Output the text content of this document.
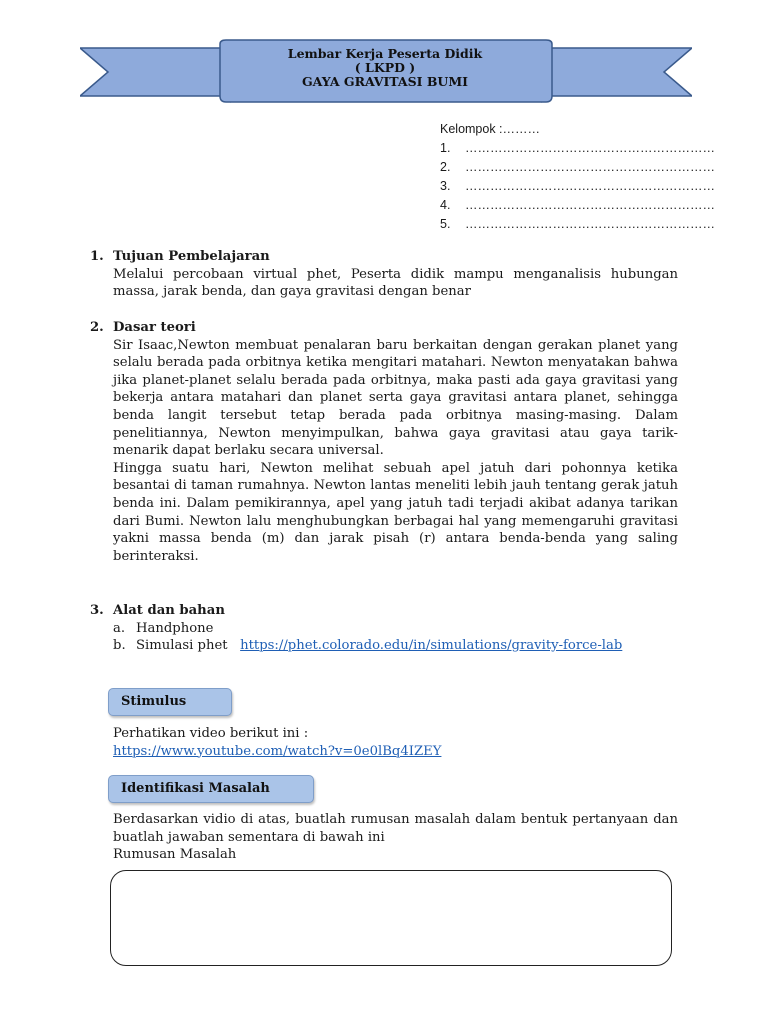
Lembar Kerja Peserta Didik
( LKPD )
GAYA GRAVITASI BUMI
Kelompok :………
1.	……………………………………………………
2.	……………………………………………………
3.	……………………………………………………
4.	……………………………………………………
5.	……………………………………………………
1. Tujuan Pembelajaran

Melalui percobaan virtual phet, Peserta didik mampu menganalisis hubungan massa, jarak benda, dan gaya gravitasi dengan benar

2. Dasar teori

Sir Isaac,Newton membuat penalaran baru berkaitan dengan gerakan planet yang selalu berada pada orbitnya ketika mengitari matahari. Newton menyatakan bahwa jika planet-planet selalu berada pada orbitnya, maka pasti ada gaya gravitasi yang bekerja antara matahari dan planet serta gaya gravitasi antara planet, sehingga benda langit tersebut tetap berada pada orbitnya masing-masing. Dalam penelitiannya, Newton menyimpulkan, bahwa gaya gravitasi atau gaya tarik-menarik dapat berlaku secara universal.

Hingga suatu hari, Newton melihat sebuah apel jatuh dari pohonnya ketika besantai di taman rumahnya. Newton lantas meneliti lebih jauh tentang gerak jatuh benda ini. Dalam pemikirannya, apel yang jatuh tadi terjadi akibat adanya tarikan dari Bumi. Newton lalu menghubungkan berbagai hal yang memengaruhi gravitasi yakni massa benda (m) dan jarak pisah (r) antara benda-benda yang saling berinteraksi.

3. Alat dan bahan
a. Handphone
b. Simulasi phet https://phet.colorado.edu/in/simulations/gravity-force-lab
Stimulus
Perhatikan video berikut ini :
https://www.youtube.com/watch?v=0e0lBq4IZEY
Identifikasi Masalah
Berdasarkan vidio di atas, buatlah rumusan masalah dalam bentuk pertanyaan dan buatlah jawaban sementara di bawah ini
Rumusan Masalah
